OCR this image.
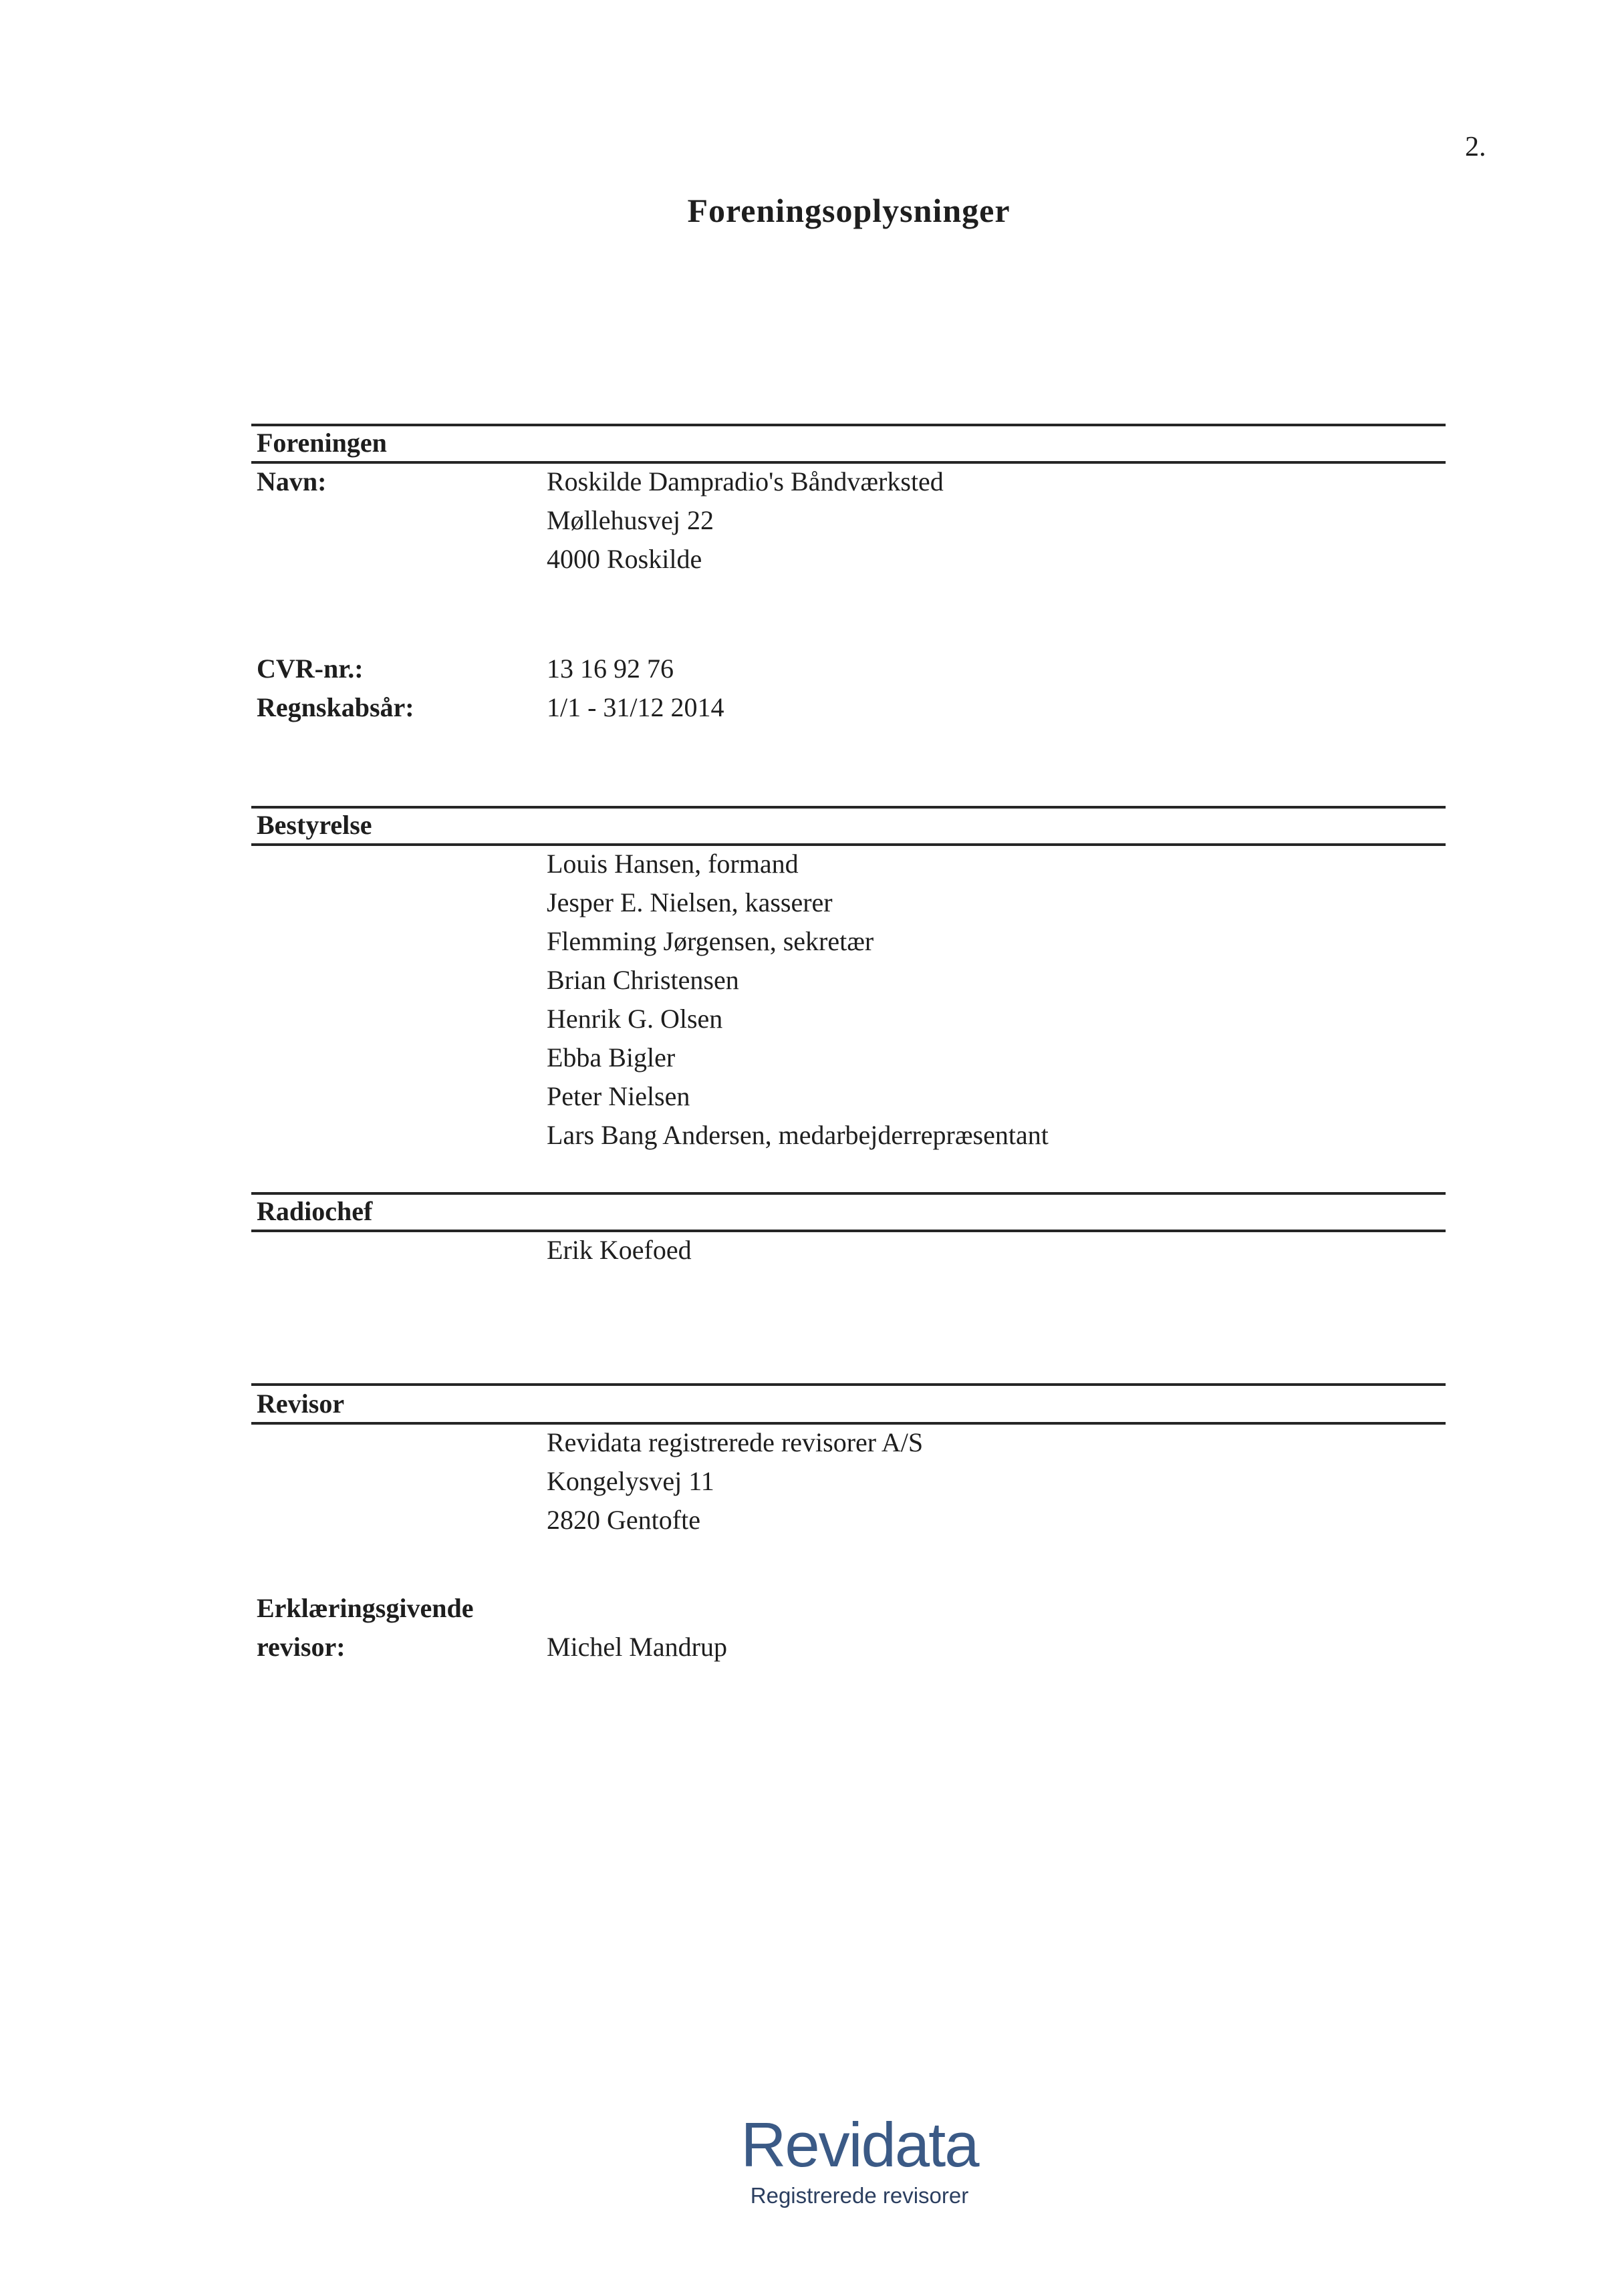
2.
Foreningsoplysninger
Foreningen
Navn:	Roskilde Dampradio's Båndværksted
Møllehusvej 22
4000 Roskilde
CVR-nr.:	13 16 92 76
Regnskabsår:	1/1 - 31/12 2014
Bestyrelse
Louis Hansen, formand
Jesper E. Nielsen, kasserer
Flemming Jørgensen, sekretær
Brian Christensen
Henrik G. Olsen
Ebba Bigler
Peter Nielsen
Lars Bang Andersen, medarbejderrepræsentant
Radiochef
Erik Koefoed
Revisor
Revidata registrerede revisorer A/S
Kongelysvej 11
2820 Gentofte
Erklæringsgivende
revisor:	Michel Mandrup
Revidata
Registrerede revisorer
